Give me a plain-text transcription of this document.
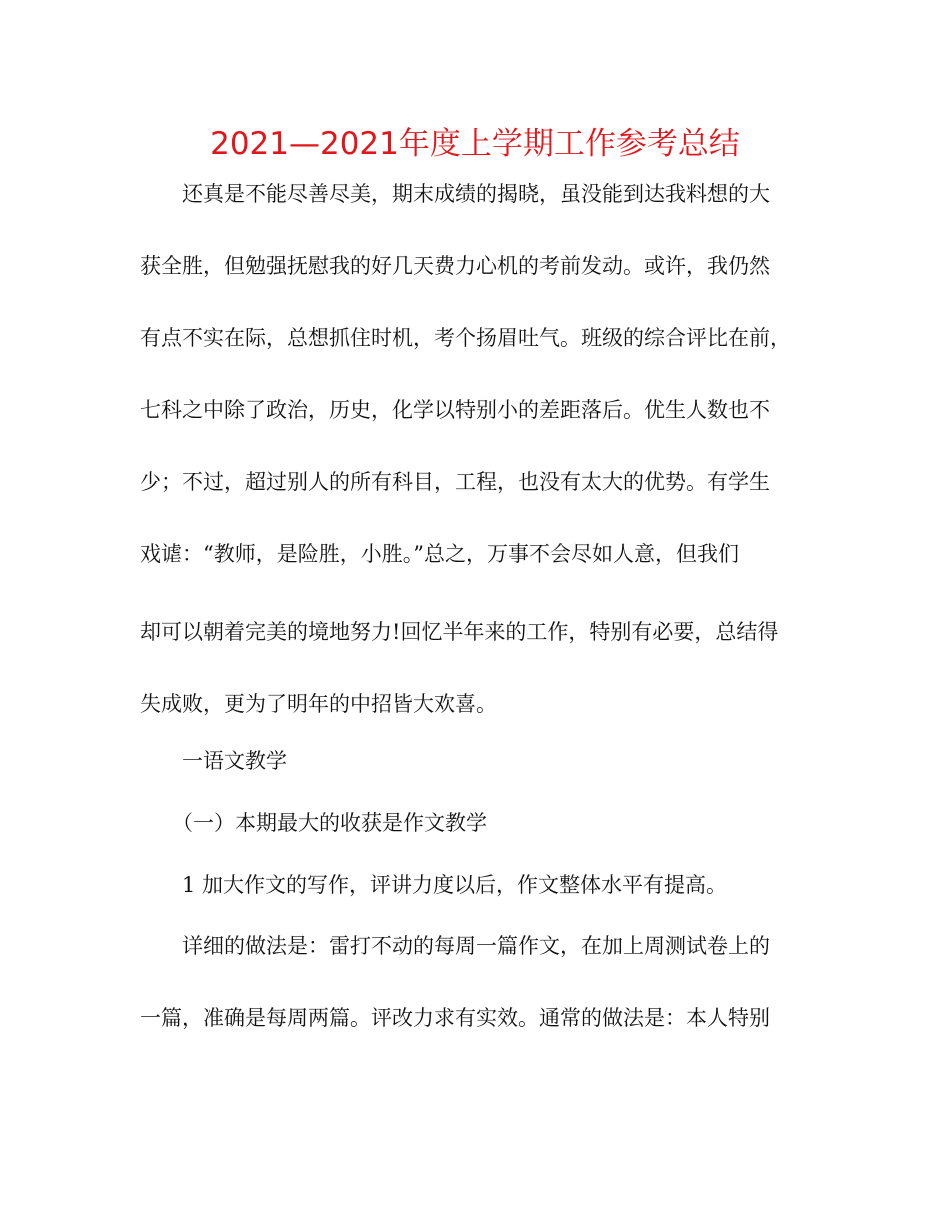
2021—2021年度上学期工作参考总结
还真是不能尽善尽美，期末成绩的揭晓，虽没能到达我料想的大
获全胜，但勉强抚慰我的好几天费力心机的考前发动。或许，我仍然
有点不实在际，总想抓住时机，考个扬眉吐气。班级的综合评比在前，
七科之中除了政治，历史，化学以特别小的差距落后。优生人数也不
少；不过，超过别人的所有科目，工程，也没有太大的优势。有学生
戏谑：“教师，是险胜，小胜。”总之，万事不会尽如人意，但我们
却可以朝着完美的境地努力!回忆半年来的工作，特别有必要，总结得
失成败，更为了明年的中招皆大欢喜。
一语文教学
（一）本期最大的收获是作文教学
1 加大作文的写作，评讲力度以后，作文整体水平有提高。
详细的做法是：雷打不动的每周一篇作文，在加上周测试卷上的
一篇，准确是每周两篇。评改力求有实效。通常的做法是：本人特别
